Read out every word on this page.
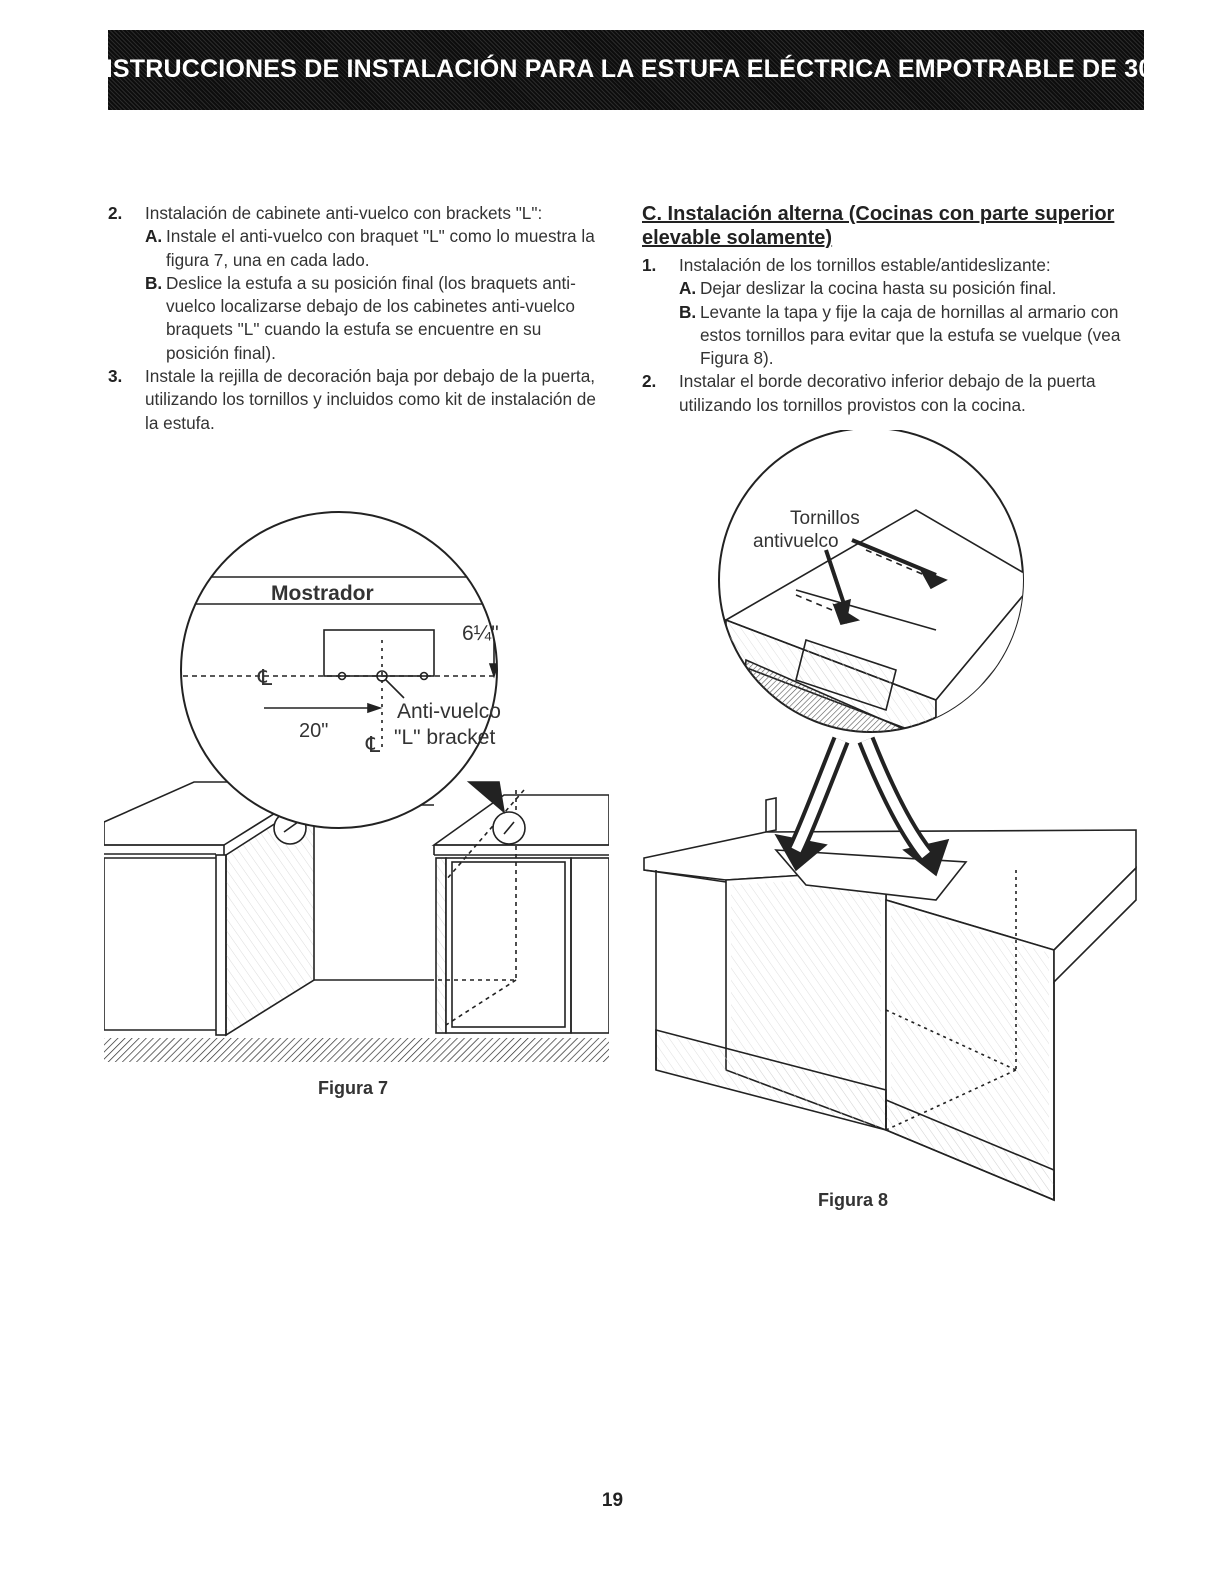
INSTRUCCIONES DE INSTALACIÓN PARA LA ESTUFA ELÉCTRICA EMPOTRABLE DE 30"
2. Instalación de cabinete anti-vuelco con brackets "L":
A. Instale el anti-vuelco con braquet "L" como lo muestra la figura 7, una en cada lado.
B. Deslice la estufa a su posición final (los braquets anti-vuelco localizarse debajo de los cabinetes anti-vuelco braquets "L" cuando la estufa se encuentre en su posición final).
3. Instale la rejilla de decoración baja por debajo de la puerta, utilizando los tornillos y incluidos como kit de instalación de la estufa.
C. Instalación alterna (Cocinas con parte superior elevable solamente)
1. Instalación de los tornillos estable/antideslizante:
A. Dejar deslizar la cocina hasta su posición final.
B. Levante la tapa y fije la caja de hornillas al armario con estos tornillos para evitar que la estufa se vuelque (vea Figura 8).
2. Instalar el borde decorativo inferior debajo de la puerta utilizando los tornillos provistos con la cocina.
Mostrador
6¼"
℄
20"
℄
Anti-vuelco
"L" bracket
Tornillos
antivuelco
Figura 7
Figura 8
19
